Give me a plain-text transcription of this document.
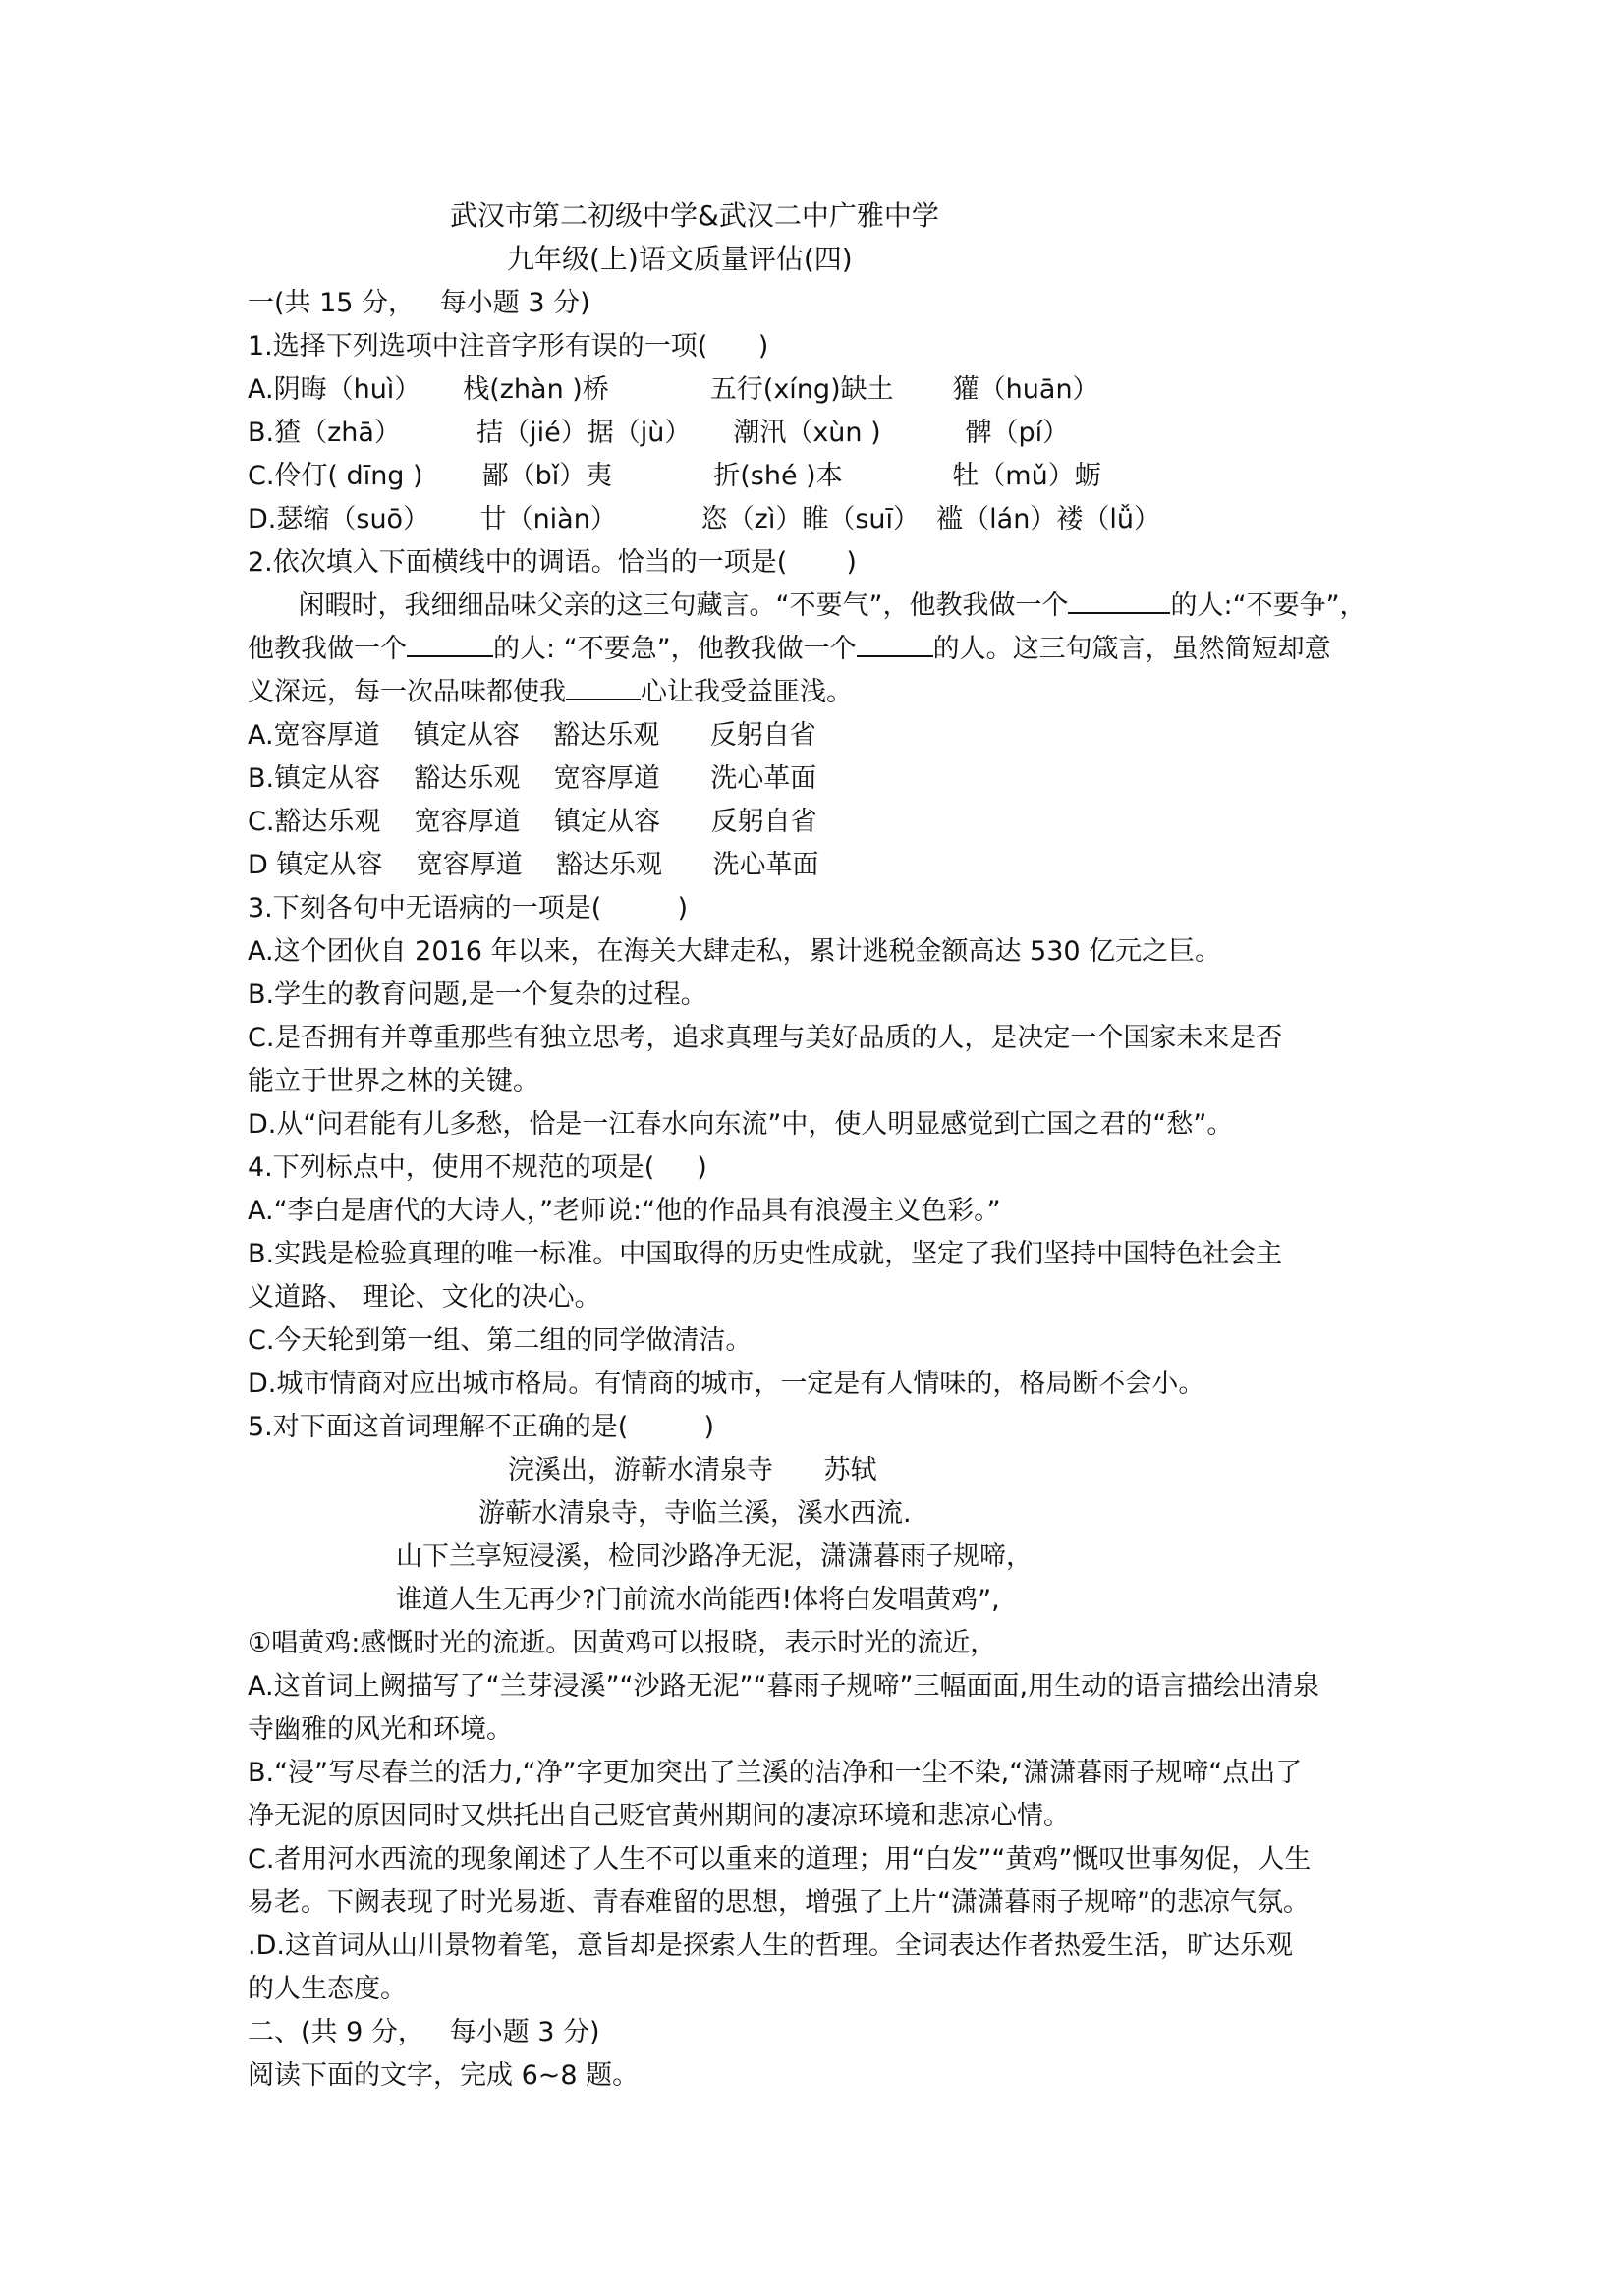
武汉市第二初级中学&武汉二中广雅中学
九年级(上)语文质量评估(四)
一(共 15 分，   每小题 3 分)
1.选择下列选项中注音字形有误的一项(      )
A.阴晦（huì）     栈(zhàn )桥            五行(xíng)缺土       獾（huān）
B.猹（zhā）         拮（jié）据（jù）     潮汛（xùn )          髀（pí）
C.伶仃( dīng )       鄙（bǐ）夷            折(shé )本             牡（mǔ）蛎
D.瑟缩（suō）      廿（niàn）          恣（zì）睢（suī）  褴（lán）褛（lǚ）
2.依次填入下面横线中的调语。恰当的一项是(       )
闲暇时，我细细品味父亲的这三句藏言。“不要气”，他教我做一个	的人:“不要争”，
他教我做一个	的人: “不要急”，他教我做一个	的人。这三句箴言，虽然简短却意
义深远，每一次品味都使我	心让我受益匪浅。
A.宽容厚道    镇定从容    豁达乐观      反躬自省
B.镇定从容    豁达乐观    宽容厚道      洗心革面
C.豁达乐观    宽容厚道    镇定从容      反躬自省
D 镇定从容    宽容厚道    豁达乐观      洗心革面
3.下刻各句中无语病的一项是(         )
A.这个团伙自 2016 年以来，在海关大肆走私，累计逃税金额高达 530 亿元之巨。
B.学生的教育问题,是一个复杂的过程。
C.是否拥有并尊重那些有独立思考，追求真理与美好品质的人，是决定一个国家未来是否
能立于世界之林的关键。
D.从“问君能有儿多愁，恰是一江春水向东流”中，使人明显感觉到亡国之君的“愁”。
4.下列标点中，使用不规范的项是(     )
A.“李白是唐代的大诗人，”老师说:“他的作品具有浪漫主义色彩。”
B.实践是检验真理的唯一标准。中国取得的历史性成就，坚定了我们坚持中国特色社会主
义道路、 理论、文化的决心。
C.今天轮到第一组、第二组的同学做清洁。
D.城市情商对应出城市格局。有情商的城市，一定是有人情味的，格局断不会小。
5.对下面这首词理解不正确的是(         )
浣溪出，游蕲水清泉寺      苏轼
游蕲水清泉寺，寺临兰溪，溪水西流.
山下兰享短浸溪，检同沙路净无泥，潇潇暮雨子规啼，
谁道人生无再少?门前流水尚能西!体将白发唱黄鸡”,
①唱黄鸡:感慨时光的流逝。因黄鸡可以报晓，表示时光的流近，
A.这首词上阙描写了“兰芽浸溪”“沙路无泥”“暮雨子规啼”三幅面面,用生动的语言描绘出清泉
寺幽雅的风光和环境。
B.“浸”写尽春兰的活力,“净”字更加突出了兰溪的洁净和一尘不染,“潇潇暮雨子规啼“点出了
净无泥的原因同时又烘托出自己贬官黄州期间的凄凉环境和悲凉心情。
C.者用河水西流的现象阐述了人生不可以重来的道理；用“白发”“黄鸡”慨叹世事匆促，人生
易老。下阙表现了时光易逝、青春难留的思想，增强了上片“潇潇暮雨子规啼”的悲凉气氛。
.D.这首词从山川景物着笔，意旨却是探索人生的哲理。全词表达作者热爱生活，旷达乐观
的人生态度。
二、(共 9 分，   每小题 3 分)
阅读下面的文字，完成 6~8 题。
